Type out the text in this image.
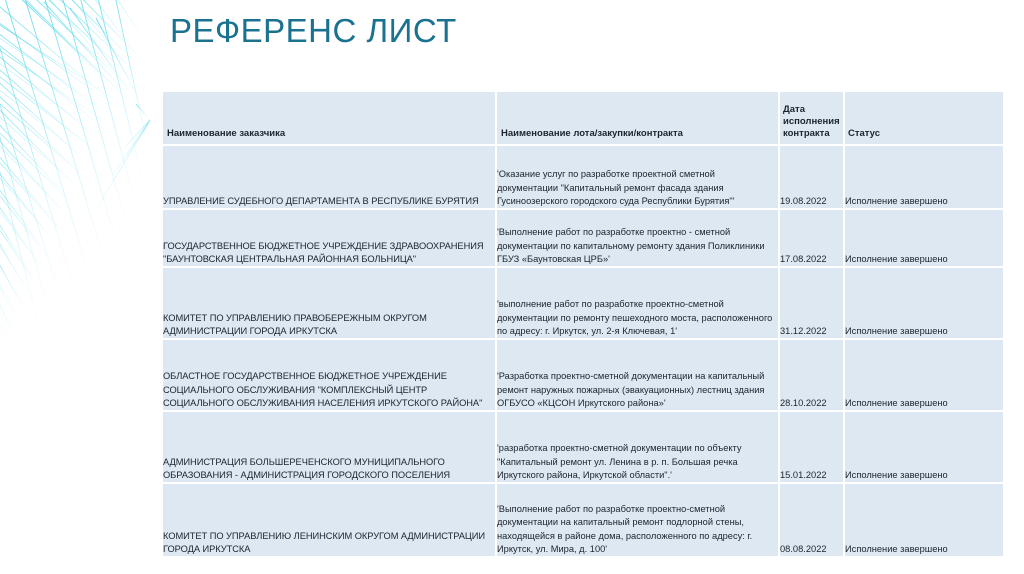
РЕФЕРЕНС ЛИСТ
Наименование заказчика	Наименование лота/закупки/контракта	Дата исполнения контракта	Статус

УПРАВЛЕНИЕ СУДЕБНОГО ДЕПАРТАМЕНТА В РЕСПУБЛИКЕ БУРЯТИЯ	'Оказание услуг по разработке проектной сметной документации "Капитальный ремонт фасада здания Гусиноозерского городского суда Республики Бурятия"'	19.08.2022	Исполнение завершено
ГОСУДАРСТВЕННОЕ БЮДЖЕТНОЕ УЧРЕЖДЕНИЕ ЗДРАВООХРАНЕНИЯ "БАУНТОВСКАЯ ЦЕНТРАЛЬНАЯ РАЙОННАЯ БОЛЬНИЦА"	'Выполнение работ по разработке проектно - сметной документации по капитальному ремонту здания Поликлиники ГБУЗ «Баунтовская ЦРБ»'	17.08.2022	Исполнение завершено
КОМИТЕТ ПО УПРАВЛЕНИЮ ПРАВОБЕРЕЖНЫМ ОКРУГОМ АДМИНИСТРАЦИИ ГОРОДА ИРКУТСКА	'выполнение работ по разработке проектно-сметной документации по ремонту пешеходного моста, расположенного по адресу: г. Иркутск, ул. 2-я Ключевая, 1'	31.12.2022	Исполнение завершено
ОБЛАСТНОЕ ГОСУДАРСТВЕННОЕ БЮДЖЕТНОЕ УЧРЕЖДЕНИЕ СОЦИАЛЬНОГО ОБСЛУЖИВАНИЯ "КОМПЛЕКСНЫЙ ЦЕНТР СОЦИАЛЬНОГО ОБСЛУЖИВАНИЯ НАСЕЛЕНИЯ ИРКУТСКОГО РАЙОНА"	'Разработка проектно-сметной документации на капитальный ремонт наружных пожарных (эвакуационных) лестниц здания ОГБУСО «КЦСОН Иркутского района»'	28.10.2022	Исполнение завершено
АДМИНИСТРАЦИЯ БОЛЬШЕРЕЧЕНСКОГО МУНИЦИПАЛЬНОГО ОБРАЗОВАНИЯ - АДМИНИСТРАЦИЯ ГОРОДСКОГО ПОСЕЛЕНИЯ	'разработка проектно-сметной документации по объекту "Капитальный ремонт ул. Ленина в р. п. Большая речка Иркутского района, Иркутской области".'	15.01.2022	Исполнение завершено
КОМИТЕТ ПО УПРАВЛЕНИЮ ЛЕНИНСКИМ ОКРУГОМ АДМИНИСТРАЦИИ ГОРОДА ИРКУТСКА	'Выполнение работ по разработке проектно-сметной документации на капитальный ремонт подлорной стены, находящейся в районе дома, расположенного по адресу: г. Иркутск, ул. Мира, д. 100'	08.08.2022	Исполнение завершено
